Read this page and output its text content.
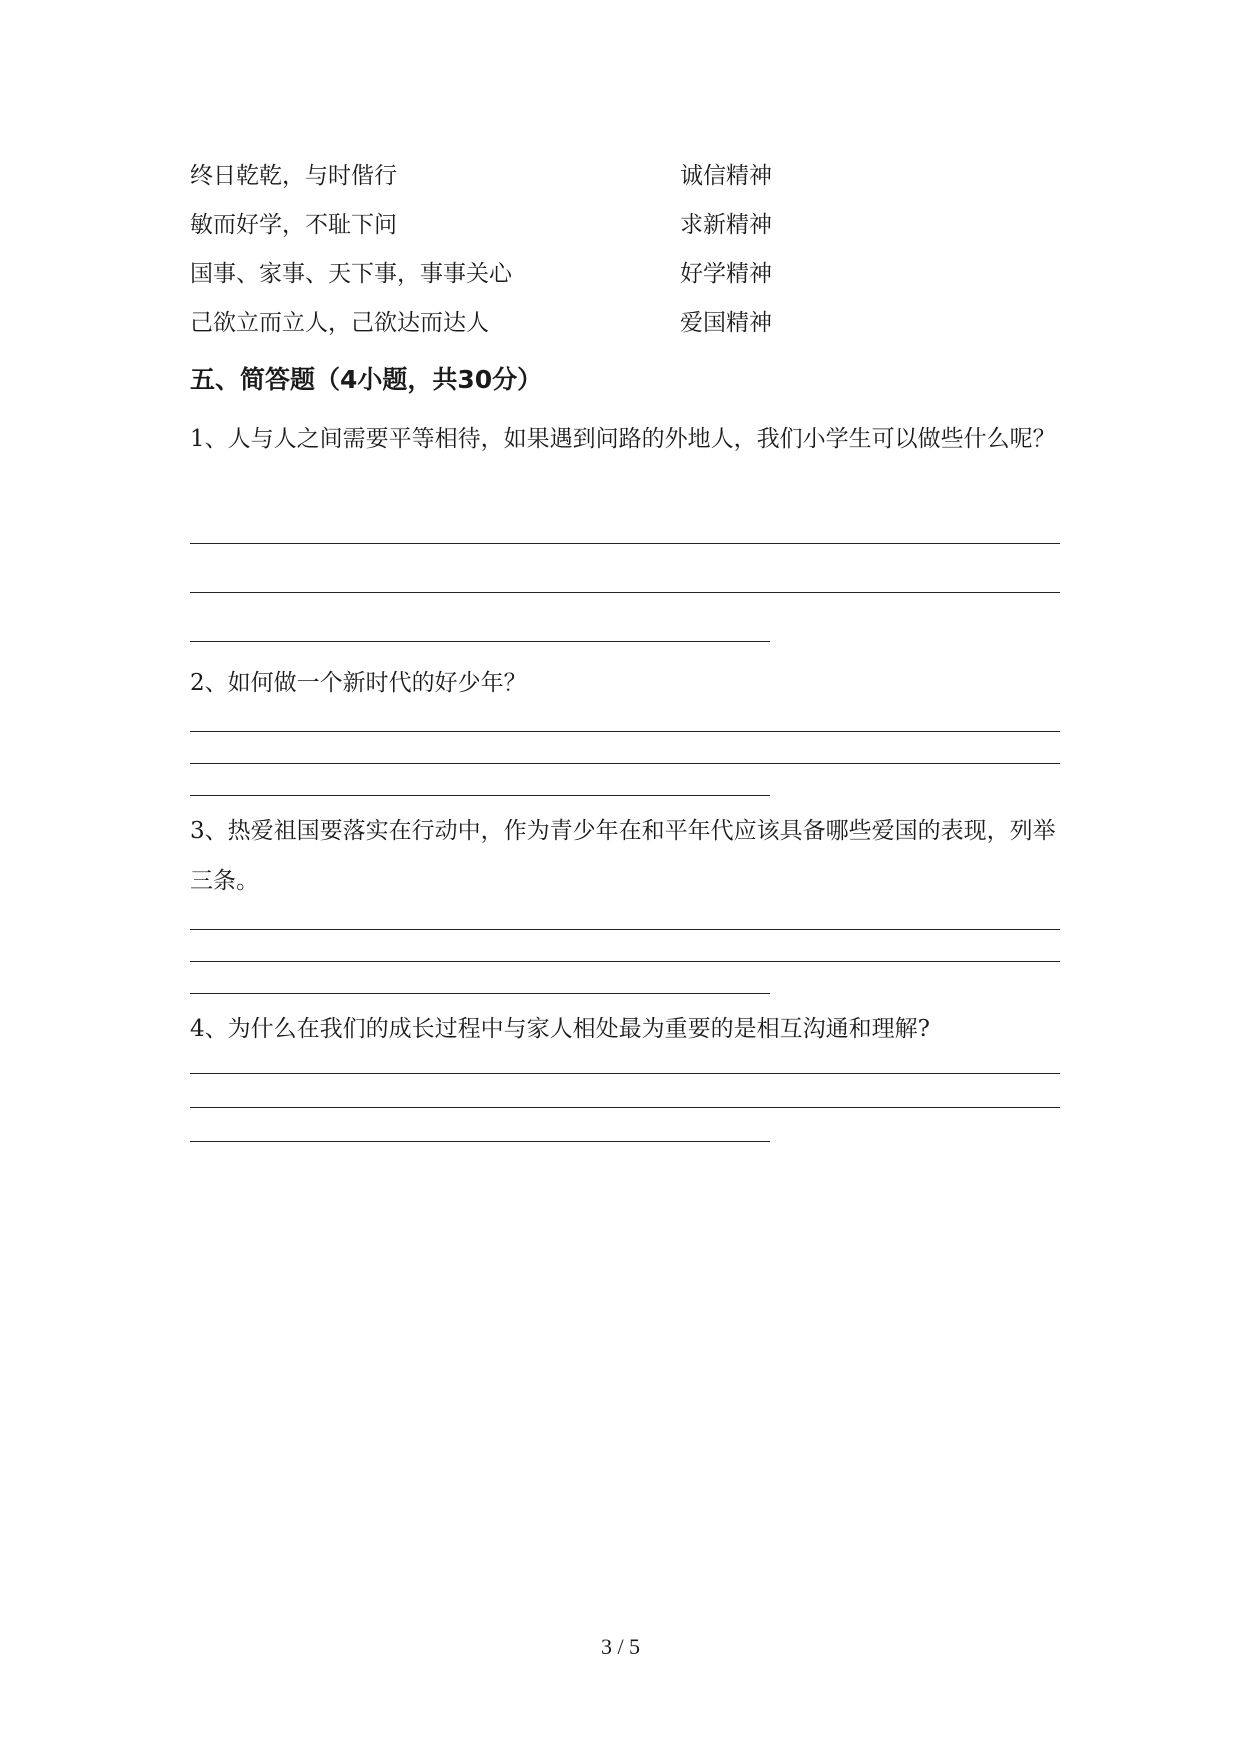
终日乾乾，与时偕行	诚信精神
敏而好学，不耻下问	求新精神
国事、家事、天下事，事事关心	好学精神
己欲立而立人，己欲达而达人	爱国精神
五、简答题（4小题，共30分）
1、人与人之间需要平等相待，如果遇到问路的外地人，我们小学生可以做些什么呢？
2、如何做一个新时代的好少年？
3、热爱祖国要落实在行动中，作为青少年在和平年代应该具备哪些爱国的表现，列举三条。
4、为什么在我们的成长过程中与家人相处最为重要的是相互沟通和理解?
3 / 5
